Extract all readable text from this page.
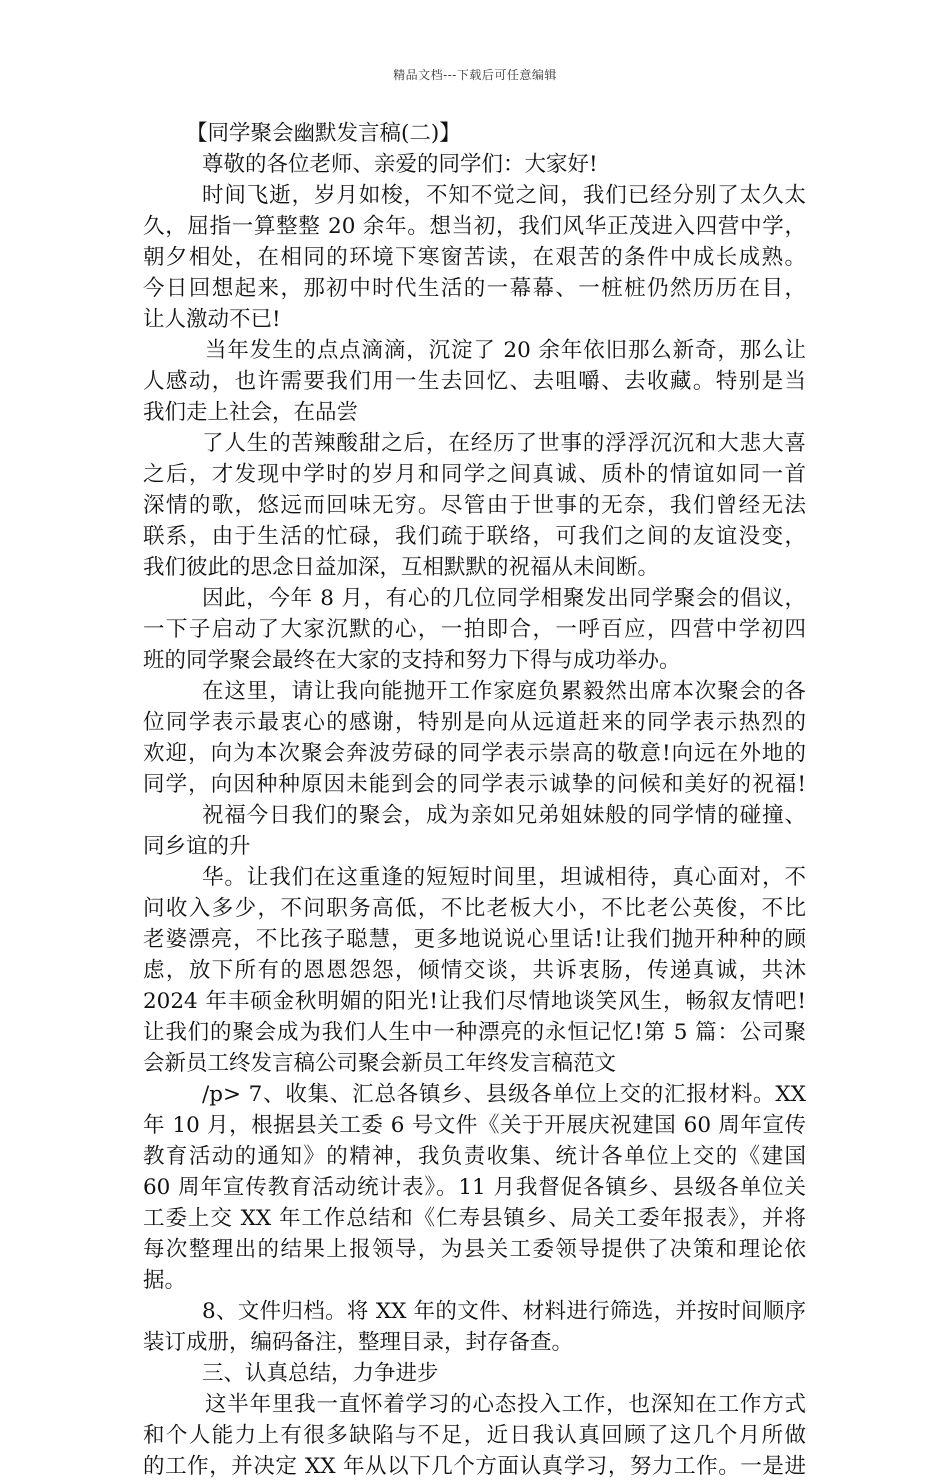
精品文档---下载后可任意编辑
【同学聚会幽默发言稿(二)】
尊敬的各位老师、亲爱的同学们：大家好!
时间飞逝，岁月如梭，不知不觉之间，我们已经分别了太久太
久，屈指一算整整 20 余年。想当初，我们风华正茂进入四营中学，
朝夕相处，在相同的环境下寒窗苦读，在艰苦的条件中成长成熟。
今日回想起来，那初中时代生活的一幕幕、一桩桩仍然历历在目，
让人激动不已!
当年发生的点点滴滴，沉淀了 20 余年依旧那么新奇，那么让
人感动，也许需要我们用一生去回忆、去咀嚼、去收藏。特别是当
我们走上社会，在品尝
了人生的苦辣酸甜之后，在经历了世事的浮浮沉沉和大悲大喜
之后，才发现中学时的岁月和同学之间真诚、质朴的情谊如同一首
深情的歌，悠远而回味无穷。尽管由于世事的无奈，我们曾经无法
联系，由于生活的忙碌，我们疏于联络，可我们之间的友谊没变，
我们彼此的思念日益加深，互相默默的祝福从未间断。
因此，今年 8 月，有心的几位同学相聚发出同学聚会的倡议，
一下子启动了大家沉默的心，一拍即合，一呼百应，四营中学初四
班的同学聚会最终在大家的支持和努力下得与成功举办。
在这里，请让我向能抛开工作家庭负累毅然出席本次聚会的各
位同学表示最衷心的感谢，特别是向从远道赶来的同学表示热烈的
欢迎，向为本次聚会奔波劳碌的同学表示崇高的敬意!向远在外地的
同学，向因种种原因未能到会的同学表示诚挚的问候和美好的祝福!
祝福今日我们的聚会，成为亲如兄弟姐妹般的同学情的碰撞、
同乡谊的升
华。让我们在这重逢的短短时间里，坦诚相待，真心面对，不
问收入多少，不问职务高低，不比老板大小，不比老公英俊，不比
老婆漂亮，不比孩子聪慧，更多地说说心里话!让我们抛开种种的顾
虑，放下所有的恩恩怨怨，倾情交谈，共诉衷肠，传递真诚，共沐
2024 年丰硕金秋明媚的阳光!让我们尽情地谈笑风生，畅叙友情吧!
让我们的聚会成为我们人生中一种漂亮的永恒记忆!第 5 篇：公司聚
会新员工终发言稿公司聚会新员工年终发言稿范文
/p> 7、收集、汇总各镇乡、县级各单位上交的汇报材料。XX
年 10 月，根据县关工委 6 号文件《关于开展庆祝建国 60 周年宣传
教育活动的通知》的精神，我负责收集、统计各单位上交的《建国
60 周年宣传教育活动统计表》。11 月我督促各镇乡、县级各单位关
工委上交 XX 年工作总结和《仁寿县镇乡、局关工委年报表》，并将
每次整理出的结果上报领导，为县关工委领导提供了决策和理论依
据。
8、文件归档。将 XX 年的文件、材料进行筛选，并按时间顺序
装订成册，编码备注，整理目录，封存备查。
三、认真总结，力争进步
这半年里我一直怀着学习的心态投入工作，也深知在工作方式
和个人能力上有很多缺陷与不足，近日我认真回顾了这几个月所做
的工作，并决定 XX 年从以下几个方面认真学习，努力工作。一是进
